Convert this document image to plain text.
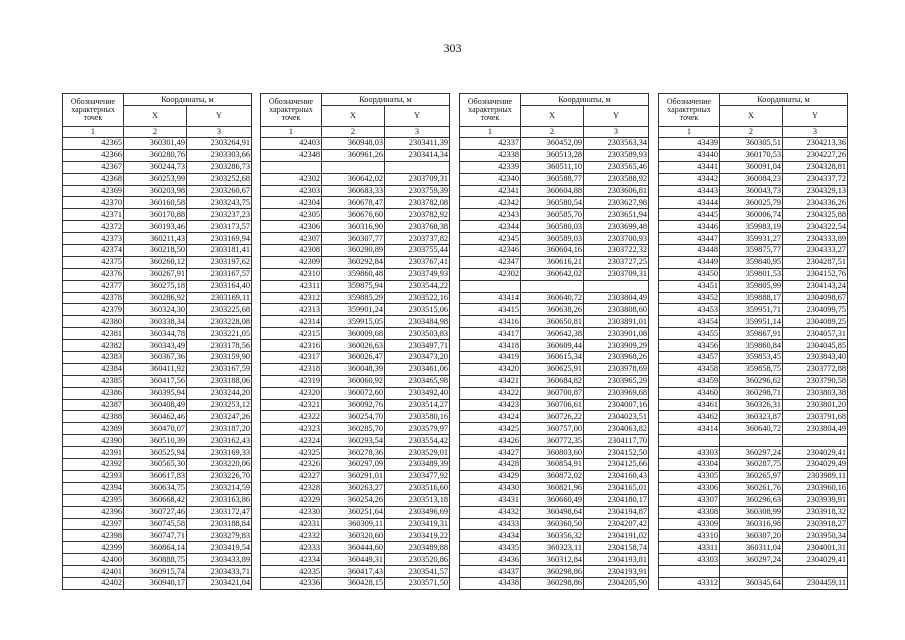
303
Обозначение характерных точек	Координаты, м	
	X	Y
1	2	3
42365	360301,49	2303264,91
42366	360280,76	2303303,66
42367	360244,73	2303286,73
42368	360253,99	2303252,68
42369	360203,98	2303260,67
42370	360160,58	2303243,75
42371	360170,88	2303237,23
42372	360193,46	2303173,57
42373	360211,43	2303169,94
42374	360218,50	2303181,41
42375	360260,12	2303197,62
42376	360267,91	2303167,57
42377	360275,18	2303164,40
42378	360286,92	2303169,11
42379	360324,30	2303225,68
42380	360338,34	2303228,08
42381	360344,78	2303221,05
42382	360343,49	2303178,56
42383	360367,36	2303159,90
42384	360411,92	2303167,59
42385	360417,56	2303188,06
42386	360395,94	2303244,20
42387	360408,49	2303253,12
42388	360462,46	2303247,26
42389	360470,07	2303187,20
42390	360510,39	2303162,43
42391	360525,94	2303169,33
42392	360565,30	2303220,06
42393	360617,83	2303226,70
42394	360634,75	2303214,59
42395	360668,42	2303163,86
42396	360727,46	2303172,47
42397	360745,58	2303188,84
42398	360747,71	2303279,83
42399	360864,14	2303419,54
42400	360888,75	2303433,89
42401	360915,74	2303433,71
42402	360940,17	2303421,04
Обозначение характерных точек	Координаты, м	
	X	Y
1	2	3
42403	360948,03	2303411,39
42348	360961,26	2303414,34

42302	360642,02	2303709,31
42303	360683,33	2303759,39
42304	360678,47	2303782,08
42305	360676,60	2303782,92
42306	360316,90	2303768,38
42307	360307,77	2303737,82
42308	360290,89	2303755,44
42309	360292,84	2303767,41
42310	359860,48	2303749,93
42311	359875,94	2303544,22
42312	359885,29	2303522,16
42313	359901,24	2303515,06
42314	359915,05	2303484,98
42315	360009,68	2303503,83
42316	360026,63	2303497,71
42317	360026,47	2303473,20
42318	360048,39	2303461,06
42319	360060,92	2303465,98
42320	360072,60	2303492,40
42321	360092,76	2303514,27
42322	360254,70	2303580,16
42323	360285,70	2303579,97
42324	360293,54	2303554,42
42325	360278,36	2303529,01
42326	360297,09	2303489,39
42327	360291,01	2303477,92
42328	360263,27	2303516,60
42329	360254,26	2303513,18
42330	360251,64	2303496,69
42331	360309,11	2303419,31
42332	360320,60	2303419,22
42333	360444,60	2303489,88
42334	360449,31	2303520,86
42335	360417,43	2303541,57
42336	360428,15	2303571,50
Обозначение характерных точек	Координаты, м	
	X	Y
1	2	3
42337	360452,09	2303563,34
42338	360513,28	2303589,93
42339	360511,10	2303565,46
42340	360588,77	2303588,92
42341	360604,88	2303606,81
42342	360580,54	2303627,98
42343	360585,70	2303651,94
42344	360580,03	2303699,48
42345	360589,03	2303700,93
42346	360604,16	2303722,32
42347	360616,21	2303727,25
42302	360642,02	2303709,31

43414	360640,72	2303804,49
43415	360638,26	2303808,60
43416	360650,81	2303891,01
43417	360642,38	2303901,08
43418	360609,44	2303909,29
43419	360615,34	2303968,26
43420	360625,91	2303978,69
43421	360684,82	2303965,29
43422	360700,87	2303969,68
43423	360706,61	2304007,16
43424	360726,22	2304023,51
43425	360757,00	2304063,82
43426	360772,35	2304117,70
43427	360803,60	2304152,50
43428	360854,91	2304125,66
43429	360872,02	2304160,43
43430	360821,96	2304165,01
43431	360660,49	2304180,17
43432	360498,64	2304194,87
43433	360360,50	2304207,42
43434	360356,32	2304191,02
43435	360323,11	2304158,74
43436	360312,84	2304193,81
43437	360298,86	2304193,91
43438	360298,86	2304205,90
Обозначение характерных точек	Координаты, м	
	X	Y
1	2	3
43439	360305,51	2304213,36
43440	360170,53	2304227,26
43441	360091,04	2304328,81
43442	360084,23	2304337,72
43443	360043,73	2304329,13
43444	360025,79	2304336,26
43445	360006,74	2304325,88
43446	359983,19	2304322,54
43447	359931,27	2304333,89
43448	359875,77	2304333,27
43449	359840,95	2304287,51
43450	359801,53	2304152,76
43451	359805,99	2304143,24
43452	359888,17	2304098,67
43453	359951,71	2304099,75
43454	359951,14	2304089,25
43455	359867,91	2304057,31
43456	359860,84	2304045,85
43457	359853,45	2303843,40
43458	359858,75	2303772,88
43459	360296,62	2303790,58
43460	360298,71	2303803,38
43461	360326,31	2303801,20
43462	360323,87	2303791,68
43414	360640,72	2303804,49

43303	360297,24	2304029,41
43304	360287,75	2304029,49
43305	360265,97	2303989,11
43306	360261,76	2303960,16
43307	360296,63	2303939,91
43308	360308,99	2303918,32
43309	360316,98	2303918,27
43310	360307,20	2303950,34
43311	360311,04	2304001,31
43303	360297,24	2304029,41

43312	360345,64	2304459,11
